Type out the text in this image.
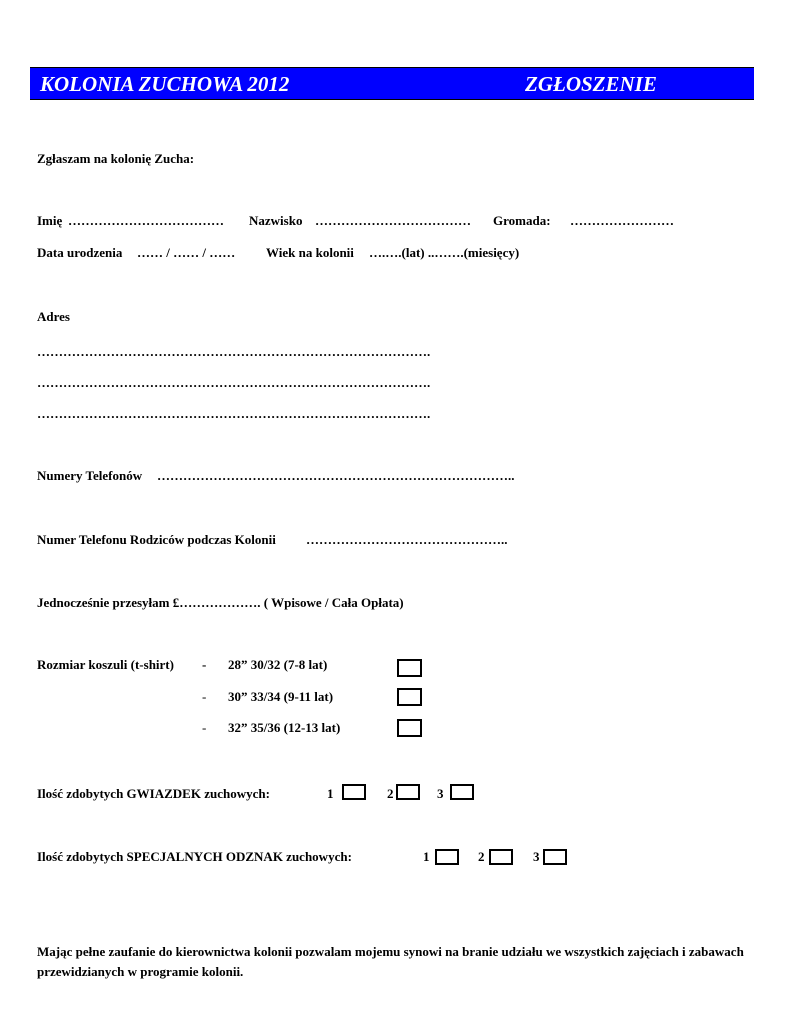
KOLONIA ZUCHOWA 2012	ZGŁOSZENIE
Zgłaszam na kolonię Zucha:
Imię ……………………………… Nazwisko ……………………………… Gromada: ……………………
Data urodzenia …… / …… / …… Wiek na kolonii ….….(lat) ..…….(miesięcy)
Adres
……………………………………………………………………………….
……………………………………………………………………………….
……………………………………………………………………………….
Numery Telefonów ………………………………………………………………………..
Numer Telefonu Rodziców podczas Kolonii ………………………………………..
Jednocześnie przesyłam £………………. ( Wpisowe / Cała Opłata)
Rozmiar koszuli (t-shirt) - 28” 30/32 (7-8 lat)
- 30” 33/34 (9-11 lat)
- 32” 35/36 (12-13 lat)
Ilość zdobytych GWIAZDEK zuchowych:	1	2	3
Ilość zdobytych SPECJALNYCH ODZNAK zuchowych:	1	2	3
Mając pełne zaufanie do kierownictwa kolonii pozwalam mojemu synowi na branie udziału we wszystkich zajęciach i zabawach przewidzianych w programie kolonii.
